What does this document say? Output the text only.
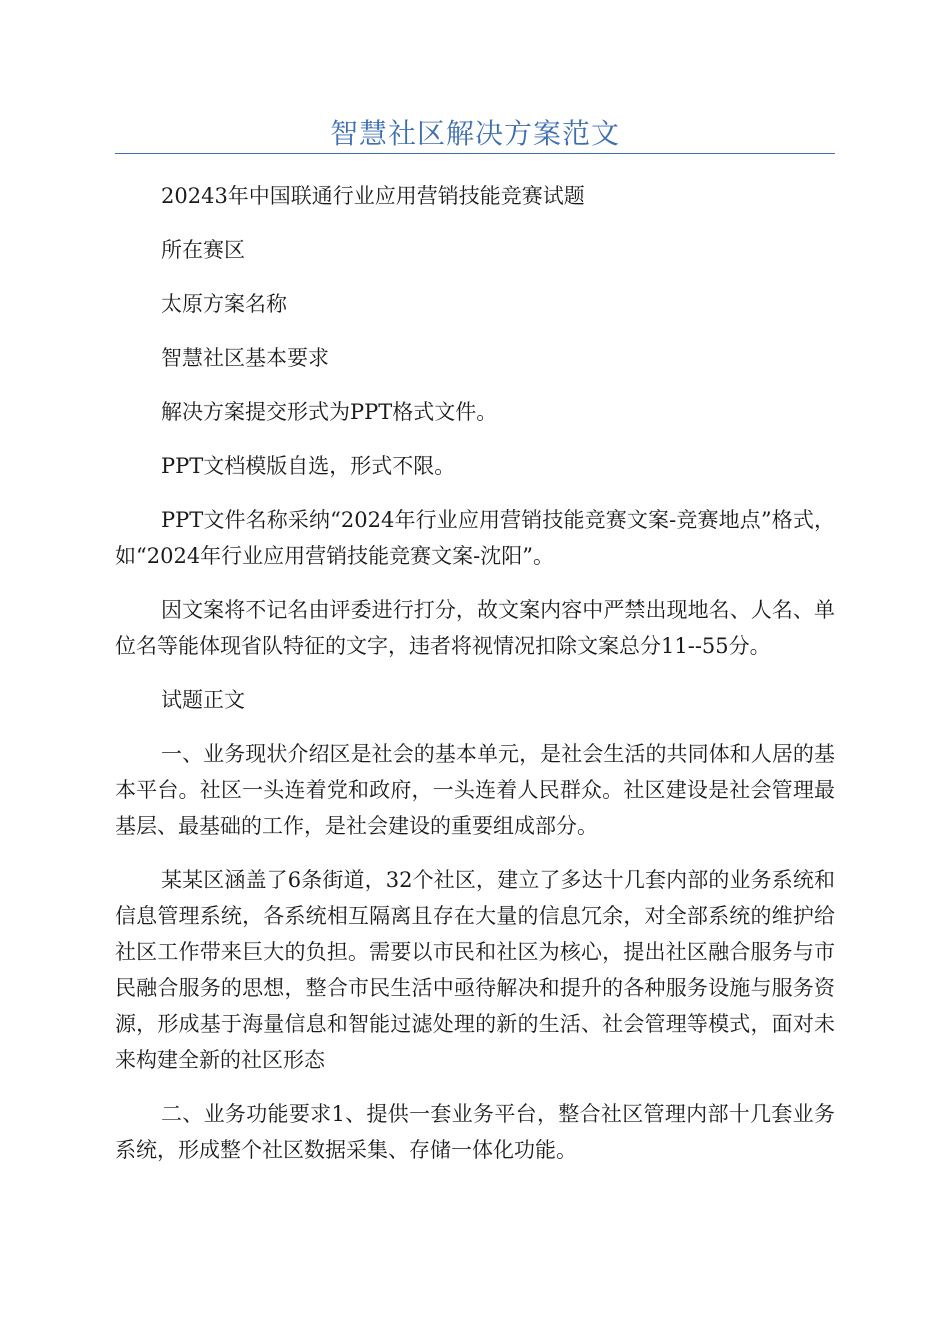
智慧社区解决方案范文

20243年中国联通行业应用营销技能竞赛试题

所在赛区

太原方案名称

智慧社区基本要求

解决方案提交形式为PPT格式文件。

PPT文档模版自选，形式不限。

PPT文件名称采纳“2024年行业应用营销技能竞赛文案-竞赛地点”格式，如“2024年行业应用营销技能竞赛文案-沈阳”。

因文案将不记名由评委进行打分，故文案内容中严禁出现地名、人名、单位名等能体现省队特征的文字，违者将视情况扣除文案总分11--55分。

试题正文

一、业务现状介绍区是社会的基本单元，是社会生活的共同体和人居的基本平台。社区一头连着党和政府，一头连着人民群众。社区建设是社会管理最基层、最基础的工作，是社会建设的重要组成部分。

某某区涵盖了6条街道，32个社区，建立了多达十几套内部的业务系统和信息管理系统，各系统相互隔离且存在大量的信息冗余，对全部系统的维护给社区工作带来巨大的负担。需要以市民和社区为核心，提出社区融合服务与市民融合服务的思想，整合市民生活中亟待解决和提升的各种服务设施与服务资源，形成基于海量信息和智能过滤处理的新的生活、社会管理等模式，面对未来构建全新的社区形态

二、业务功能要求1、提供一套业务平台，整合社区管理内部十几套业务系统，形成整个社区数据采集、存储一体化功能。
